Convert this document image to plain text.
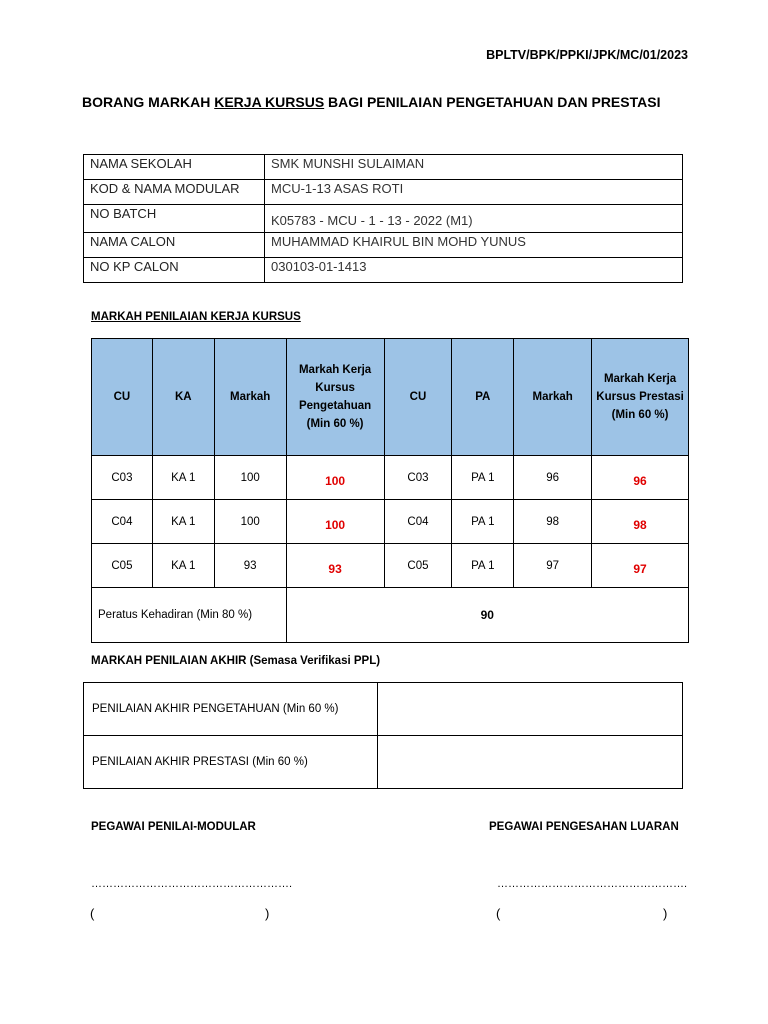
BPLTV/BPK/PPKI/JPK/MC/01/2023
BORANG MARKAH KERJA KURSUS BAGI PENILAIAN PENGETAHUAN DAN PRESTASI
NAMA SEKOLAH	SMK MUNSHI SULAIMAN
KOD & NAMA MODULAR	MCU-1-13 ASAS ROTI
NO BATCH	K05783 - MCU - 1 - 13 - 2022 (M1)
NAMA CALON	MUHAMMAD KHAIRUL BIN MOHD YUNUS
NO KP CALON	030103-01-1413
MARKAH PENILAIAN KERJA KURSUS
CU	KA	Markah	Markah Kerja Kursus Pengetahuan (Min 60 %)	CU	PA	Markah	Markah Kerja Kursus Prestasi (Min 60 %)
C03	KA 1	100	100	C03	PA 1	96	96
C04	KA 1	100	100	C04	PA 1	98	98
C05	KA 1	93	93	C05	PA 1	97	97
Peratus Kehadiran (Min 80 %)			90				
MARKAH PENILAIAN AKHIR (Semasa Verifikasi PPL)
PENILAIAN AKHIR PENGETAHUAN (Min 60 %)	
PENILAIAN AKHIR PRESTASI (Min 60 %)	
PEGAWAI PENILAI-MODULAR	PEGAWAI PENGESAHAN LUARAN
……………………………………………….	…………………………………………….
(	)	(	)
